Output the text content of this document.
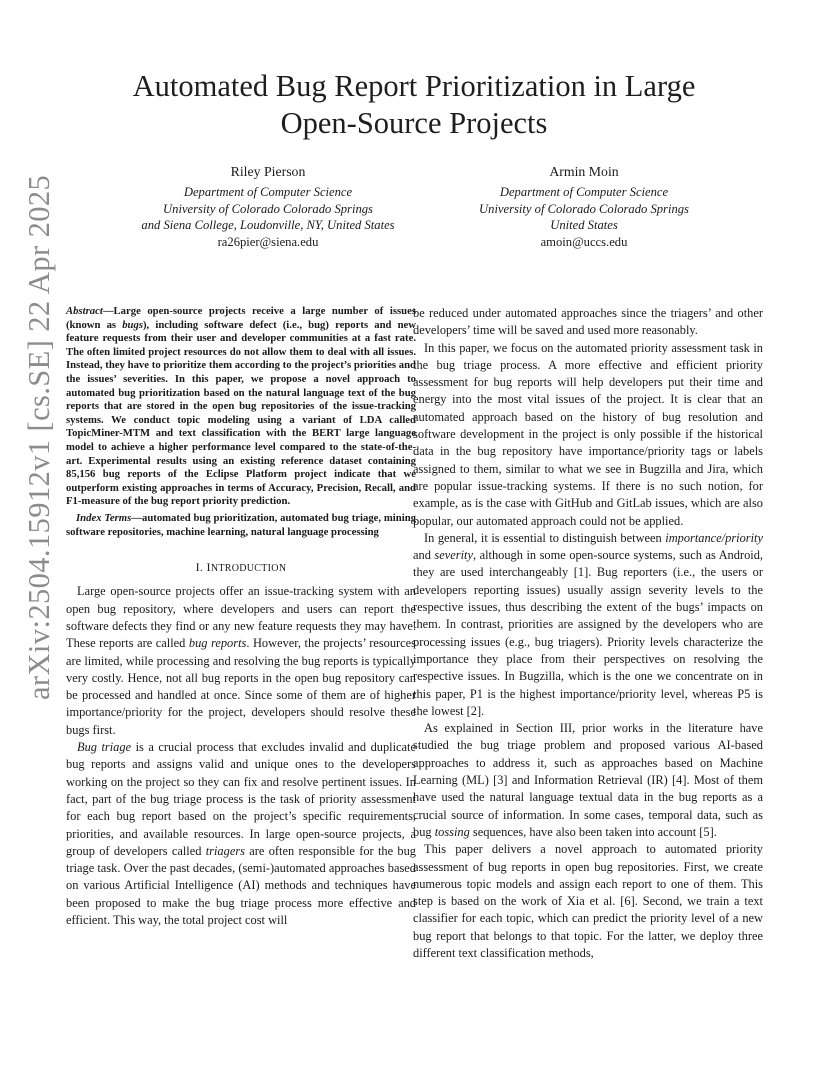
arXiv:2504.15912v1 [cs.SE] 22 Apr 2025
Automated Bug Report Prioritization in Large
Open-Source Projects
Riley Pierson
Department of Computer Science
University of Colorado Colorado Springs
and Siena College, Loudonville, NY, United States
ra26pier@siena.edu
Armin Moin
Department of Computer Science
University of Colorado Colorado Springs
United States
amoin@uccs.edu

Abstract—Large open-source projects receive a large number of issues (known as bugs), including software defect (i.e., bug) reports and new feature requests from their user and developer communities at a fast rate. The often limited project resources do not allow them to deal with all issues. Instead, they have to prioritize them according to the project’s priorities and the issues’ severities. In this paper, we propose a novel approach to automated bug prioritization based on the natural language text of the bug reports that are stored in the open bug repositories of the issue-tracking systems. We conduct topic modeling using a variant of LDA called TopicMiner-MTM and text classification with the BERT large language model to achieve a higher performance level compared to the state-of-the-art. Experimental results using an existing reference dataset containing 85,156 bug reports of the Eclipse Platform project indicate that we outperform existing approaches in terms of Accuracy, Precision, Recall, and F1-measure of the bug report priority prediction.

Index Terms—automated bug prioritization, automated bug triage, mining software repositories, machine learning, natural language processing

I. INTRODUCTION

Large open-source projects offer an issue-tracking system with an open bug repository, where developers and users can report the software defects they find or any new feature requests they may have. These reports are called bug reports. However, the projects’ resources are limited, while processing and resolving the bug reports is typically very costly. Hence, not all bug reports in the open bug repository can be processed and handled at once. Since some of them are of higher importance/priority for the project, developers should resolve these bugs first.

Bug triage is a crucial process that excludes invalid and duplicate bug reports and assigns valid and unique ones to the developers working on the project so they can fix and resolve pertinent issues. In fact, part of the bug triage process is the task of priority assessment for each bug report based on the project’s specific requirements, priorities, and available resources. In large open-source projects, a group of developers called triagers are often responsible for the bug triage task. Over the past decades, (semi-)automated approaches based on various Artificial Intelligence (AI) methods and techniques have been proposed to make the bug triage process more effective and efficient. This way, the total project cost will

be reduced under automated approaches since the triagers’ and other developers’ time will be saved and used more reasonably.

In this paper, we focus on the automated priority assessment task in the bug triage process. A more effective and efficient priority assessment for bug reports will help developers put their time and energy into the most vital issues of the project. It is clear that an automated approach based on the history of bug resolution and software development in the project is only possible if the historical data in the bug repository have importance/priority tags or labels assigned to them, similar to what we see in Bugzilla and Jira, which are popular issue-tracking systems. If there is no such notion, for example, as is the case with GitHub and GitLab issues, which are also popular, our automated approach could not be applied.

In general, it is essential to distinguish between importance/priority and severity, although in some open-source systems, such as Android, they are used interchangeably [1]. Bug reporters (i.e., the users or developers reporting issues) usually assign severity levels to the respective issues, thus describing the extent of the bugs’ impacts on them. In contrast, priorities are assigned by the developers who are processing issues (e.g., bug triagers). Priority levels characterize the importance they place from their perspectives on resolving the respective issues. In Bugzilla, which is the one we concentrate on in this paper, P1 is the highest importance/priority level, whereas P5 is the lowest [2].

As explained in Section III, prior works in the literature have studied the bug triage problem and proposed various AI-based approaches to address it, such as approaches based on Machine Learning (ML) [3] and Information Retrieval (IR) [4]. Most of them have used the natural language textual data in the bug reports as a crucial source of information. In some cases, temporal data, such as bug tossing sequences, have also been taken into account [5].

This paper delivers a novel approach to automated priority assessment of bug reports in open bug repositories. First, we create numerous topic models and assign each report to one of them. This step is based on the work of Xia et al. [6]. Second, we train a text classifier for each topic, which can predict the priority level of a new bug report that belongs to that topic. For the latter, we deploy three different text classification methods,
